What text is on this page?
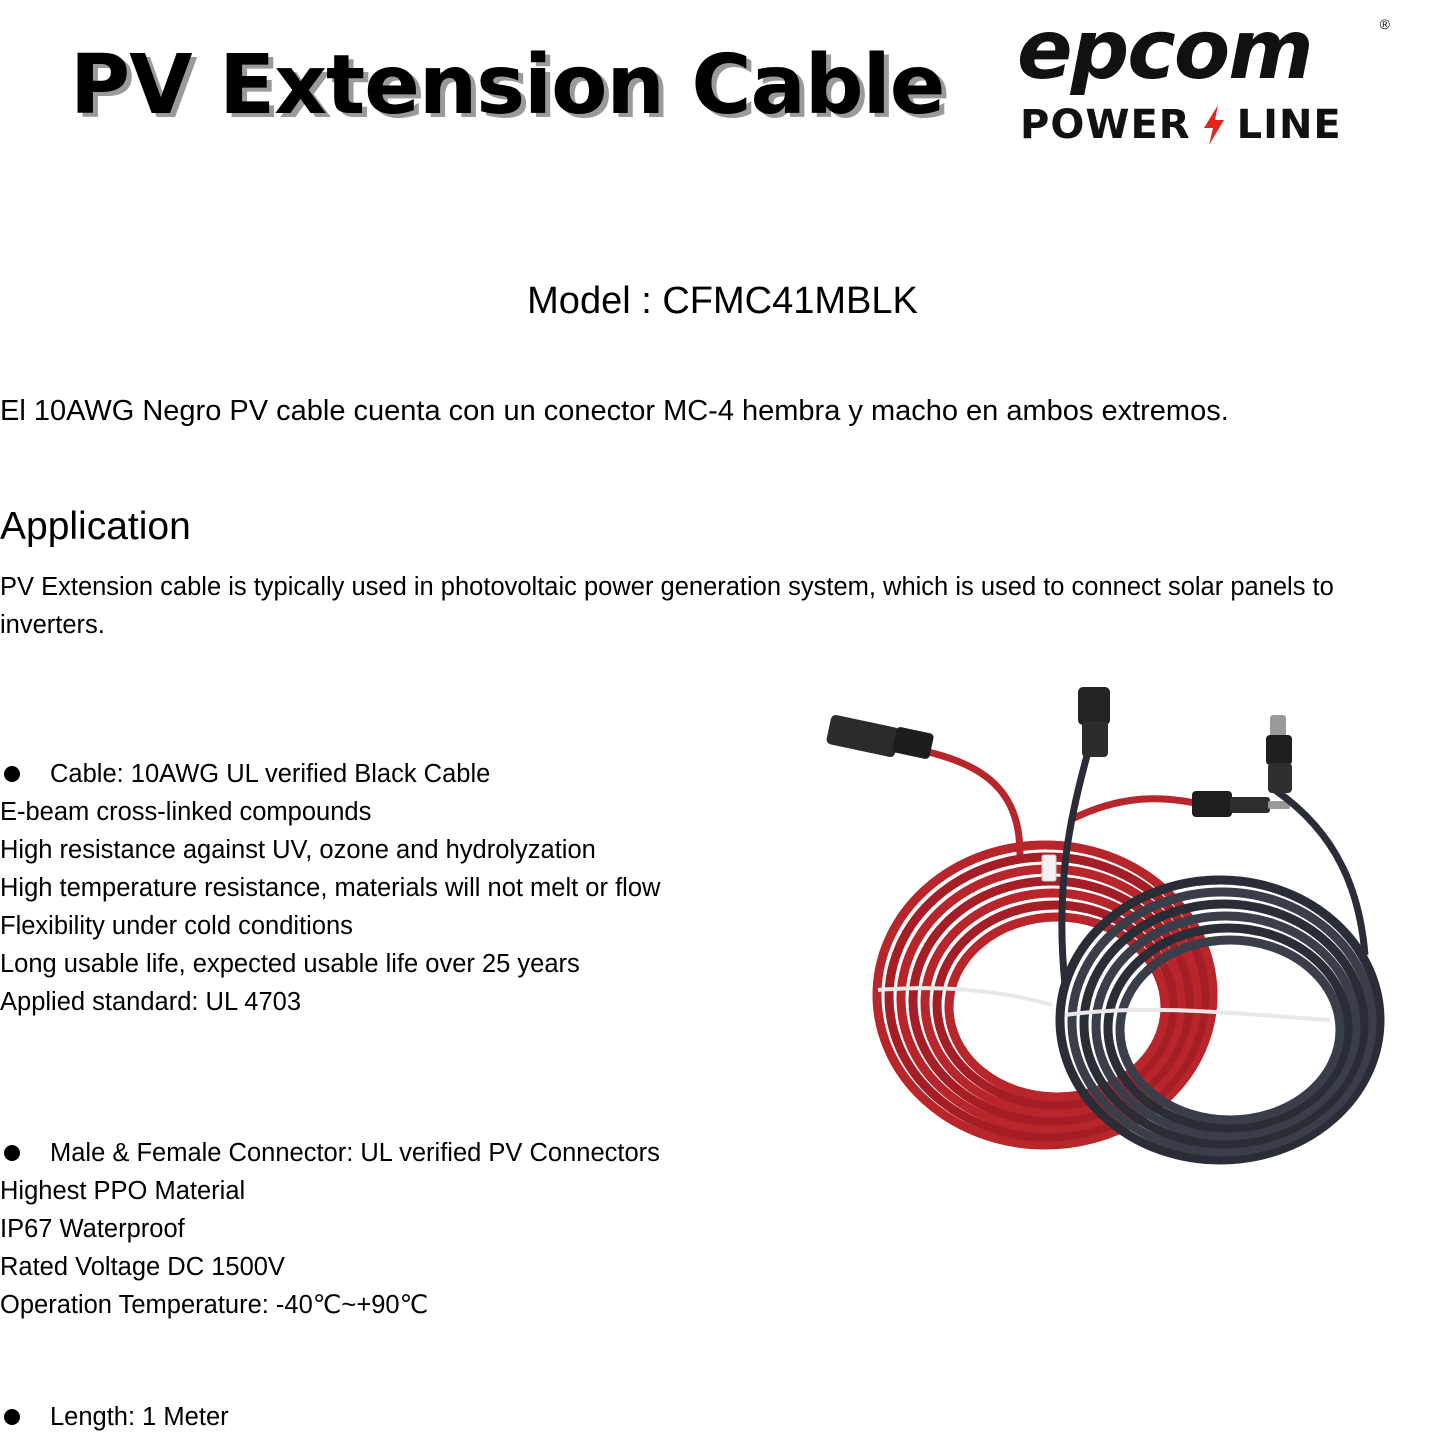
PV Extension Cable epcom	®
POWER LINE
Model : CFMC41MBLK
El 10AWG Negro PV cable cuenta con un conector MC-4 hembra y macho en ambos extremos.
Application
PV Extension cable is typically used in photovoltaic power generation system, which is used to connect solar panels to inverters.
Cable: 10AWG UL verified Black Cable
E-beam cross-linked compounds
High resistance against UV, ozone and hydrolyzation
High temperature resistance, materials will not melt or flow
Flexibility under cold conditions
Long usable life, expected usable life over 25 years
Applied standard: UL 4703
Male & Female Connector: UL verified PV Connectors
Highest PPO Material
IP67 Waterproof
Rated Voltage DC 1500V
Operation Temperature: -40℃~+90℃
Length: 1 Meter
